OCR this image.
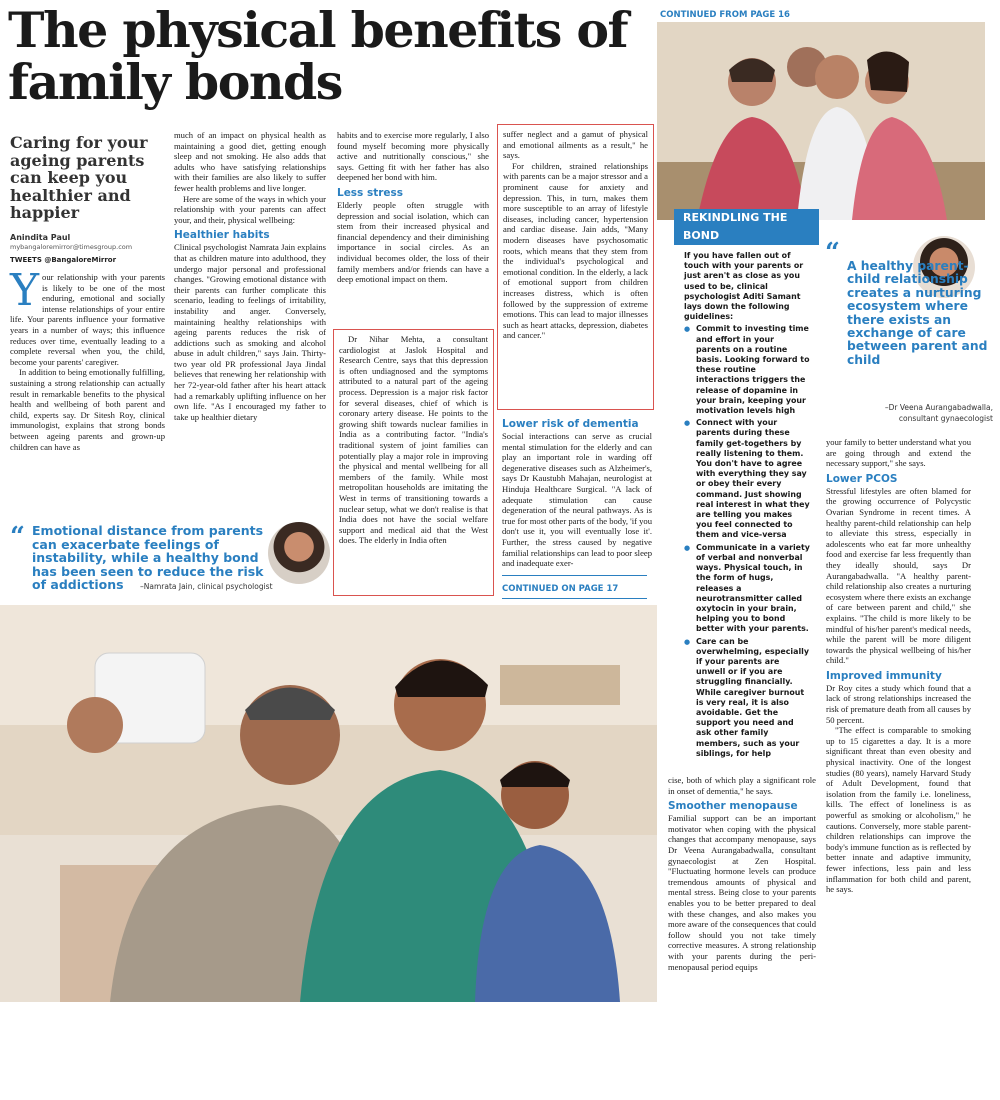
The physical benefits of family bonds
Caring for your ageing parents can keep you healthier and happier
Anindita Paul
mybangaloremirror@timesgroup.com
TWEETS @BangaloreMirror

Your relationship with your parents is likely to be one of the most enduring, emotional and socially intense relationships of your entire life. Your parents influence your formative years in a number of ways; this influence reduces over time, eventually leading to a complete reversal when you, the child, become your parents' caregiver.

In addition to being emotionally fulfilling, sustaining a strong relationship can actually result in remarkable benefits to the physical health and wellbeing of both parent and child, experts say. Dr Sitesh Roy, clinical immunologist, explains that strong bonds between ageing parents and grown-up children can have as

much of an impact on physical health as maintaining a good diet, getting enough sleep and not smoking. He also adds that adults who have satisfying relationships with their families are also likely to suffer fewer health problems and live longer.

Here are some of the ways in which your relationship with your parents can affect your, and their, physical wellbeing:

Healthier habits

Clinical psychologist Namrata Jain explains that as children mature into adulthood, they undergo major personal and professional changes. "Growing emotional distance with their parents can further complicate this scenario, leading to feelings of irritability, instability and anger. Conversely, maintaining healthy relationships with ageing parents reduces the risk of addictions such as smoking and alcohol abuse in adult children," says Jain. Thirty-two year old PR professional Jaya Jindal believes that renewing her relationship with her 72-year-old father after his heart attack had a remarkably uplifting influence on her own life. "As I encouraged my father to take up healthier dietary

habits and to exercise more regularly, I also found myself becoming more physically active and nutritionally conscious," she says. Getting fit with her father has also deepened her bond with him.

Less stress

Elderly people often struggle with depression and social isolation, which can stem from their increased physical and financial dependency and their diminishing importance in social circles. As an individual becomes older, the loss of their family members and/or friends can have a deep emotional impact on them.

Dr Nihar Mehta, a consultant cardiologist at Jaslok Hospital and Research Centre, says that this depression is often undiagnosed and the symptoms attributed to a natural part of the ageing process. Depression is a major risk factor for several diseases, chief of which is coronary artery disease. He points to the growing shift towards nuclear families in India as a contributing factor. "India's traditional system of joint families can potentially play a major role in improving the physical and mental wellbeing for all members of the family. While most metropolitan households are imitating the West in terms of transitioning towards a nuclear setup, what we don't realise is that India does not have the social welfare support and medical aid that the West does. The elderly in India often

suffer neglect and a gamut of physical and emotional ailments as a result," he says.

For children, strained relationships with parents can be a major stressor and a prominent cause for anxiety and depression. This, in turn, makes them more susceptible to an array of lifestyle diseases, including cancer, hypertension and cardiac disease. Jain adds, "Many modern diseases have psychosomatic roots, which means that they stem from the individual's psychological and emotional condition. In the elderly, a lack of emotional support from children increases distress, which is often followed by the suppression of extreme emotions. This can lead to major illnesses such as heart attacks, depression, diabetes and cancer."

Lower risk of dementia

Social interactions can serve as crucial mental stimulation for the elderly and can play an important role in warding off degenerative diseases such as Alzheimer's, says Dr Kaustubh Mahajan, neurologist at Hinduja Healthcare Surgical. "A lack of adequate stimulation can cause degeneration of the neural pathways. As is true for most other parts of the body, 'if you don't use it, you will eventually lose it'. Further, the stress caused by negative familial relationships can lead to poor sleep and inadequate exer-

CONTINUED ON PAGE 17
“ Emotional distance from parents can exacerbate feelings of instability, while a healthy bond has been seen to reduce the risk of addictions	–Namrata Jain, clinical psychologist
CONTINUED FROM PAGE 16
REKINDLING THE BOND
If you have fallen out of touch with your parents or just aren't as close as you used to be, clinical psychologist Aditi Samant lays down the following guidelines:
● Commit to investing time and effort in your parents on a routine basis. Looking forward to these routine interactions triggers the release of dopamine in your brain, keeping your motivation levels high
● Connect with your parents during these family get-togethers by really listening to them. You don't have to agree with everything they say or obey their every command. Just showing real interest in what they are telling you makes you feel connected to them and vice-versa
● Communicate in a variety of verbal and nonverbal ways. Physical touch, in the form of hugs, releases a neurotransmitter called oxytocin in your brain, helping you to bond better with your parents.
● Care can be overwhelming, especially if your parents are unwell or if you are struggling financially. While caregiver burnout is very real, it is also avoidable. Get the support you need and ask other family members, such as your siblings, for help
“ A healthy parent-child relationship creates a nurturing ecosystem where there exists an exchange of care between parent and child
–Dr Veena Aurangabadwalla,
consultant gynaecologist

your family to better understand what you are going through and extend the necessary support," she says.

Lower PCOS

Stressful lifestyles are often blamed for the growing occurrence of Polycystic Ovarian Syndrome in recent times. A healthy parent-child relationship can help to alleviate this stress, especially in adolescents who eat far more unhealthy food and exercise far less frequently than they ideally should, says Dr Aurangabadwalla. "A healthy parent-child relationship also creates a nurturing ecosystem where there exists an exchange of care between parent and child," she explains. "The child is more likely to be mindful of his/her parent's medical needs, while the parent will be more diligent towards the physical wellbeing of his/her child."

Improved immunity

Dr Roy cites a study which found that a lack of strong relationships increased the risk of premature death from all causes by 50 percent.

"The effect is comparable to smoking up to 15 cigarettes a day. It is a more significant threat than even obesity and physical inactivity. One of the longest studies (80 years), namely Harvard Study of Adult Development, found that isolation from the family i.e. loneliness, kills. The effect of loneliness is as powerful as smoking or alcoholism," he cautions. Conversely, more stable parent-children relationships can improve the body's immune function as is reflected by better innate and adaptive immunity, fewer infections, less pain and less inflammation for both child and parent, he says.

cise, both of which play a significant role in onset of dementia," he says.

Smoother menopause

Familial support can be an important motivator when coping with the physical changes that accompany menopause, says Dr Veena Aurangabadwalla, consultant gynaecologist at Zen Hospital. "Fluctuating hormone levels can produce tremendous amounts of physical and mental stress. Being close to your parents enables you to be better prepared to deal with these changes, and also makes you more aware of the consequences that could follow should you not take timely corrective measures. A strong relationship with your parents during the peri-menopausal period equips
